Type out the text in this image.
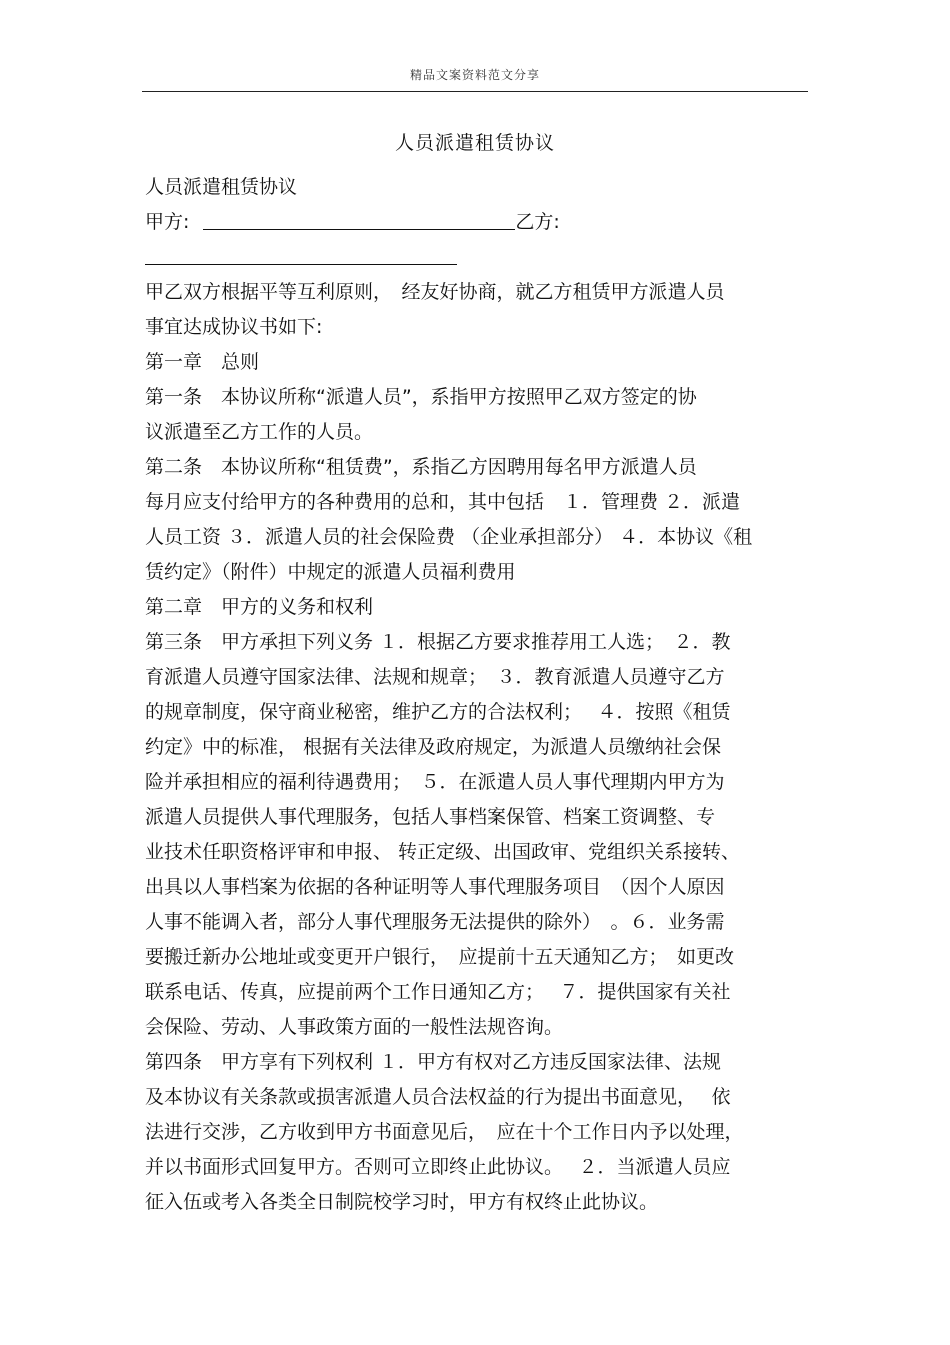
精品文案资料范文分享
人员派遣租赁协议
人员派遣租赁协议
甲方:	乙方:
甲乙双方根据平等互利原则，　经友好协商，就乙方租赁甲方派遣人员
事宜达成协议书如下:
第一章　总则
第一条　本协议所称“派遣人员”，系指甲方按照甲乙双方签定的协
议派遣至乙方工作的人员。
第二条　本协议所称“租赁费”，系指乙方因聘用每名甲方派遣人员
每月应支付给甲方的各种费用的总和，其中包括　１．管理费 ２．派遣
人员工资 ３．派遣人员的社会保险费 （企业承担部分） ４．本协议《租
赁约定》（附件）中规定的派遣人员福利费用
第二章　甲方的义务和权利
第三条　甲方承担下列义务 １．根据乙方要求推荐用工人选；　２．教
育派遣人员遵守国家法律、法规和规章；　３．教育派遣人员遵守乙方
的规章制度，保守商业秘密，维护乙方的合法权利；　 ４．按照《租赁
约定》中的标准， 根据有关法律及政府规定，为派遣人员缴纳社会保
险并承担相应的福利待遇费用；　５．在派遣人员人事代理期内甲方为
派遣人员提供人事代理服务，包括人事档案保管、档案工资调整、专
业技术任职资格评审和申报、 转正定级、出国政审、党组织关系接转、
出具以人事档案为依据的各种证明等人事代理服务项目　（因个人原因
人事不能调入者，部分人事代理服务无法提供的除外）　。６．业务需
要搬迁新办公地址或变更开户银行，　应提前十五天通知乙方；　如更改
联系电话、传真，应提前两个工作日通知乙方；　 ７．提供国家有关社
会保险、劳动、人事政策方面的一般性法规咨询。
第四条　甲方享有下列权利 １．甲方有权对乙方违反国家法律、法规
及本协议有关条款或损害派遣人员合法权益的行为提出书面意见，　 依
法进行交涉，乙方收到甲方书面意见后，　应在十个工作日内予以处理，
并以书面形式回复甲方。否则可立即终止此协议。　 ２．当派遣人员应
征入伍或考入各类全日制院校学习时，甲方有权终止此协议。
